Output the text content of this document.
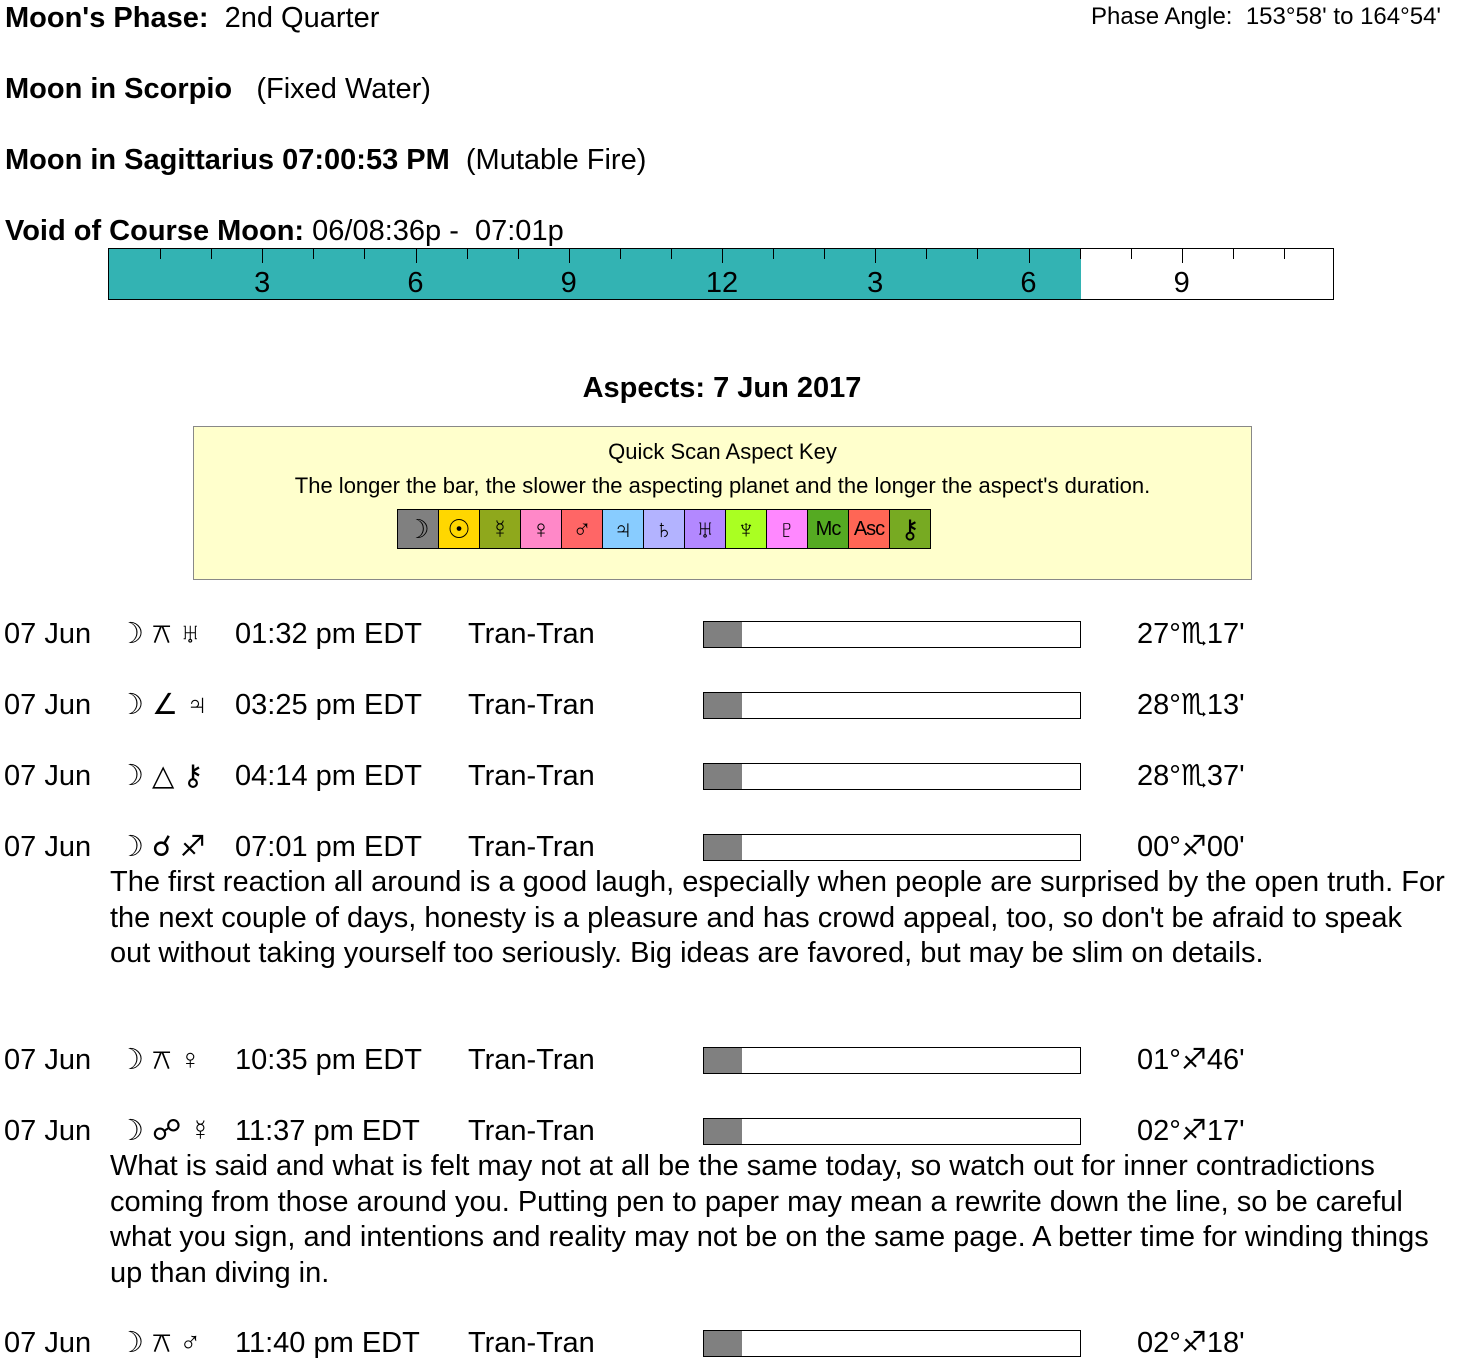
Moon's Phase: 2nd Quarter	Phase Angle: 153°58' to 164°54'
Moon in Scorpio (Fixed Water)
Moon in Sagittarius 07:00:53 PM (Mutable Fire)
Void of Course Moon: 06/08:36p -  07:01p
3	6	9	12	3	6	9
Aspects: 7 Jun 2017
Quick Scan Aspect Key
The longer the bar, the slower the aspecting planet and the longer the aspect's duration.
☽ ☉ ☿ ♀ ♂ ♃ ♄ ♅ ♆ ♇ Mc Asc ⚷
07 Jun ☽ ⚻ ♅ 01:32 pm EDT Tran-Tran	27°♏17'
07 Jun ☽ ∠ ♃ 03:25 pm EDT Tran-Tran	28°♏13'
07 Jun ☽ △ ⚷ 04:14 pm EDT Tran-Tran	28°♏37'
07 Jun ☽ ☌ ♐ 07:01 pm EDT Tran-Tran	00°♐00'
The first reaction all around is a good laugh, especially when people are surprised by the open truth. For the next couple of days, honesty is a pleasure and has crowd appeal, too, so don't be afraid to speak out without taking yourself too seriously. Big ideas are favored, but may be slim on details.
07 Jun ☽ ⚻ ♀ 10:35 pm EDT Tran-Tran	01°♐46'
07 Jun ☽ ☍ ☿ 11:37 pm EDT Tran-Tran	02°♐17'
What is said and what is felt may not at all be the same today, so watch out for inner contradictions coming from those around you. Putting pen to paper may mean a rewrite down the line, so be careful what you sign, and intentions and reality may not be on the same page. A better time for winding things up than diving in.
07 Jun ☽ ⚻ ♂ 11:40 pm EDT Tran-Tran	02°♐18'
